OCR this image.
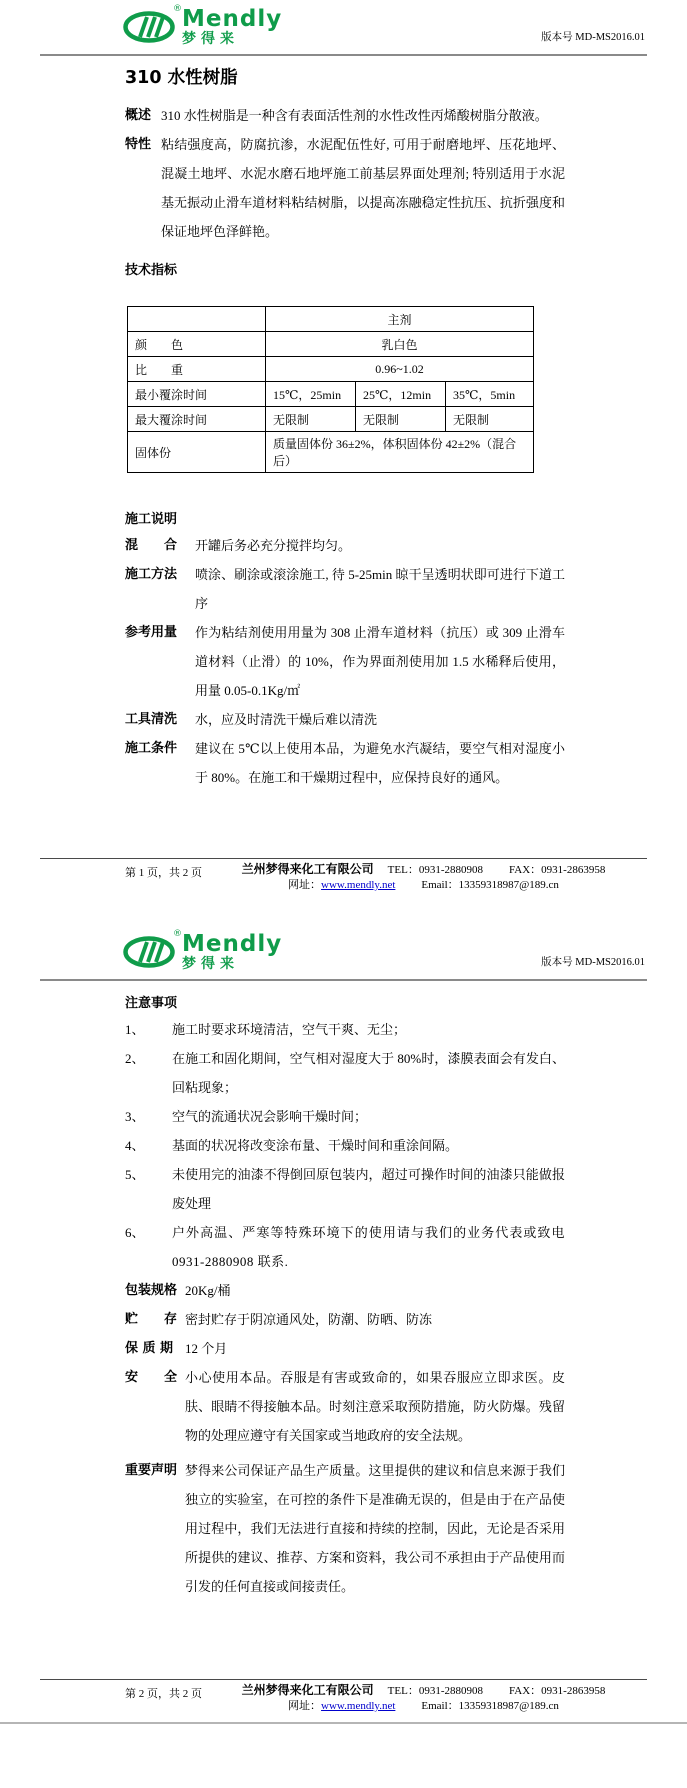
® Mendly
梦得来	版本号 MD-MS2016.01
310 水性树脂
概述 310 水性树脂是一种含有表面活性剂的水性改性丙烯酸树脂分散液。
特性 粘结强度高，防腐抗渗，水泥配伍性好, 可用于耐磨地坪、压花地坪、混凝土地坪、水泥水磨石地坪施工前基层界面处理剂; 特别适用于水泥基无振动止滑车道材料粘结树脂，以提高冻融稳定性抗压、抗折强度和保证地坪色泽鲜艳。
技术指标
	主剂		
颜　　色	乳白色		
比　　重	0.96~1.02		
最小覆涂时间	15℃，25min	25℃，12min	35℃，5min
最大覆涂时间	无限制	无限制	无限制
固体份	质量固体份 36±2%，体积固体份 42±2%（混合后）		
施工说明
混　　合	开罐后务必充分搅拌均匀。
施工方法	喷涂、刷涂或滚涂施工, 待 5-25min 晾干呈透明状即可进行下道工序
参考用量	作为粘结剂使用用量为 308 止滑车道材料（抗压）或 309 止滑车道材料（止滑）的 10%，作为界面剂使用加 1.5 水稀释后使用，用量 0.05-0.1Kg/㎡
工具清洗	水，应及时清洗干燥后难以清洗
施工条件	建议在 5℃以上使用本品，为避免水汽凝结，要空气相对湿度小于 80%。在施工和干燥期过程中，应保持良好的通风。
第 1 页，共 2 页	兰州梦得来化工有限公司 TEL：0931-2880908 FAX：0931-2863958
网址：www.mendly.net Email：13359318987@189.cn
® Mendly
梦得来	版本号 MD-MS2016.01
注意事项
1、	施工时要求环境清洁，空气干爽、无尘；
2、	在施工和固化期间，空气相对湿度大于 80%时，漆膜表面会有发白、回粘现象；
3、	空气的流通状况会影响干燥时间；
4、	基面的状况将改变涂布量、干燥时间和重涂间隔。
5、	未使用完的油漆不得倒回原包装内，超过可操作时间的油漆只能做报废处理
6、	户外高温、严寒等特殊环境下的使用请与我们的业务代表或致电 0931-2880908 联系.
包装规格 20Kg/桶
贮　　存 密封贮存于阴凉通风处，防潮、防晒、防冻
保 质 期 12 个月
安　　全 小心使用本品。吞服是有害或致命的，如果吞服应立即求医。皮肤、眼睛不得接触本品。时刻注意采取预防措施，防火防爆。残留物的处理应遵守有关国家或当地政府的安全法规。
重要声明 梦得来公司保证产品生产质量。这里提供的建议和信息来源于我们独立的实验室，在可控的条件下是准确无误的，但是由于在产品使用过程中，我们无法进行直接和持续的控制，因此，无论是否采用所提供的建议、推荐、方案和资料，我公司不承担由于产品使用而引发的任何直接或间接责任。
第 2 页，共 2 页	兰州梦得来化工有限公司 TEL：0931-2880908 FAX：0931-2863958
网址：www.mendly.net Email：13359318987@189.cn
